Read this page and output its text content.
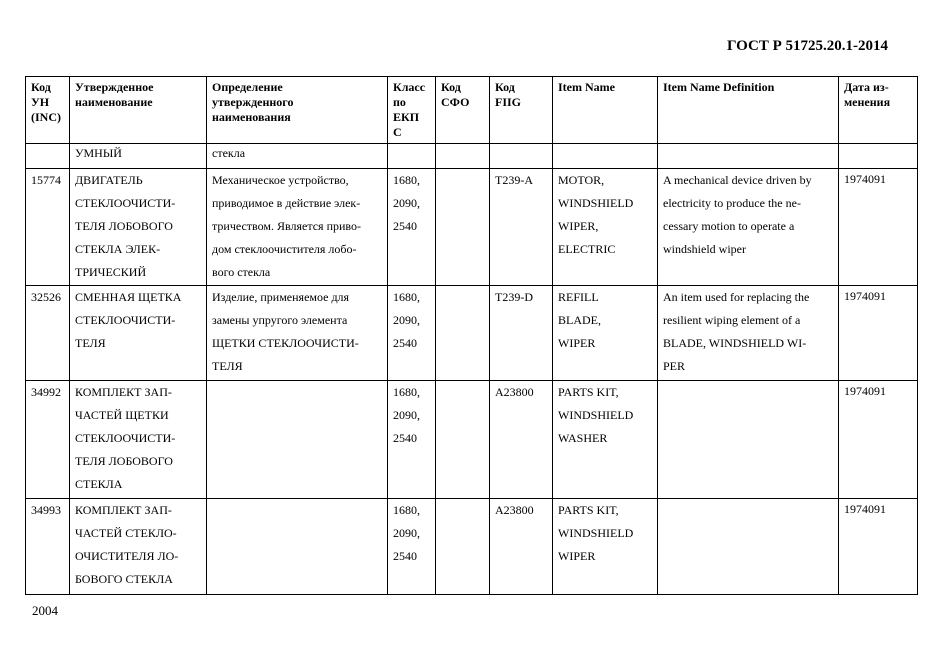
ГОСТ Р 51725.20.1-2014
Код
УН
(INC)	Утвержденное
наименование	Определение
утвержденного
наименования	Класс
по
ЕКП
С	Код
СФО	Код
FIIG	Item Name	Item Name Definition	Дата из-
менения

	УМНЫЙ	стекла						

15774	ДВИГАТЕЛЬ
СТЕКЛООЧИСТИ-
ТЕЛЯ ЛОБОВОГО
СТЕКЛА ЭЛЕК-
ТРИЧЕСКИЙ	Механическое устройство,
приводимое в действие элек-
тричеством. Является приво-
дом стеклоочистителя лобо-
вого стекла	1680,
2090,
2540		T239-A	MOTOR,
WINDSHIELD
WIPER,
ELECTRIC	A mechanical device driven by
electricity to produce the ne-
cessary motion to operate a
windshield wiper	1974091

32526	СМЕННАЯ ЩЕТКА
СТЕКЛООЧИСТИ-
ТЕЛЯ	Изделие, применяемое для
замены упругого элемента
ЩЕТКИ СТЕКЛООЧИСТИ-
ТЕЛЯ	1680,
2090,
2540		T239-D	REFILL
BLADE,
WIPER	An item used for replacing the
resilient wiping element of a
BLADE, WINDSHIELD WI-
PER	1974091

34992	КОМПЛЕКТ ЗАП-
ЧАСТЕЙ ЩЕТКИ
СТЕКЛООЧИСТИ-
ТЕЛЯ ЛОБОВОГО
СТЕКЛА		1680,
2090,
2540		A23800	PARTS KIT,
WINDSHIELD
WASHER		1974091

34993	КОМПЛЕКТ ЗАП-
ЧАСТЕЙ СТЕКЛО-
ОЧИСТИТЕЛЯ ЛО-
БОВОГО СТЕКЛА		1680,
2090,
2540		A23800	PARTS KIT,
WINDSHIELD
WIPER		1974091
2004
